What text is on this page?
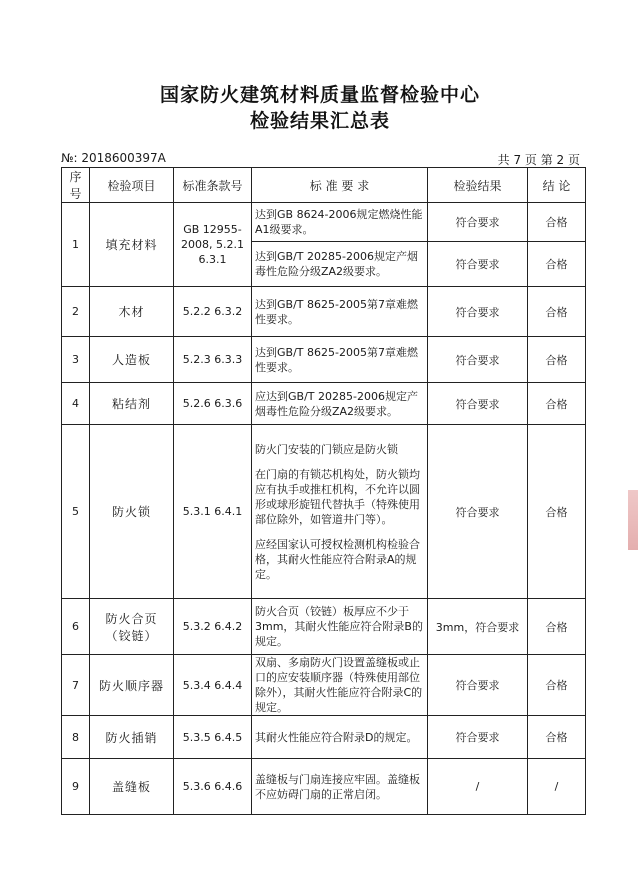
国家防火建筑材料质量监督检验中心
检验结果汇总表
№: 2018600397A	共 7 页 第 2 页
序号	检验项目	标准条款号	标 准 要 求	检验结果	结 论
1	填充材料	GB 12955-2008, 5.2.1 6.3.1	达到GB 8624-2006规定燃烧性能A1级要求。	符合要求	合格
			达到GB/T 20285-2006规定产烟毒性危险分级ZA2级要求。	符合要求	合格
2	木材	5.2.2 6.3.2	达到GB/T 8625-2005第7章难燃性要求。	符合要求	合格
3	人造板	5.2.3 6.3.3	达到GB/T 8625-2005第7章难燃性要求。	符合要求	合格
4	粘结剂	5.2.6 6.3.6	应达到GB/T 20285-2006规定产烟毒性危险分级ZA2级要求。	符合要求	合格
5	防火锁	5.3.1 6.4.1	防火门安装的门锁应是防火锁

在门扇的有锁芯机构处，防火锁均应有执手或推杠机构，不允许以圆形或球形旋钮代替执手（特殊使用部位除外，如管道井门等）。

应经国家认可授权检测机构检验合格，其耐火性能应符合附录A的规定。	符合要求	合格
6	防火合页（铰链）	5.3.2 6.4.2	防火合页（铰链）板厚应不少于3mm，其耐火性能应符合附录B的规定。	3mm，符合要求	合格
7	防火顺序器	5.3.4 6.4.4	双扇、多扇防火门设置盖缝板或止口的应安装顺序器（特殊使用部位除外），其耐火性能应符合附录C的规定。	符合要求	合格
8	防火插销	5.3.5 6.4.5	其耐火性能应符合附录D的规定。	符合要求	合格
9	盖缝板	5.3.6 6.4.6	盖缝板与门扇连接应牢固。盖缝板不应妨碍门扇的正常启闭。	/	/
